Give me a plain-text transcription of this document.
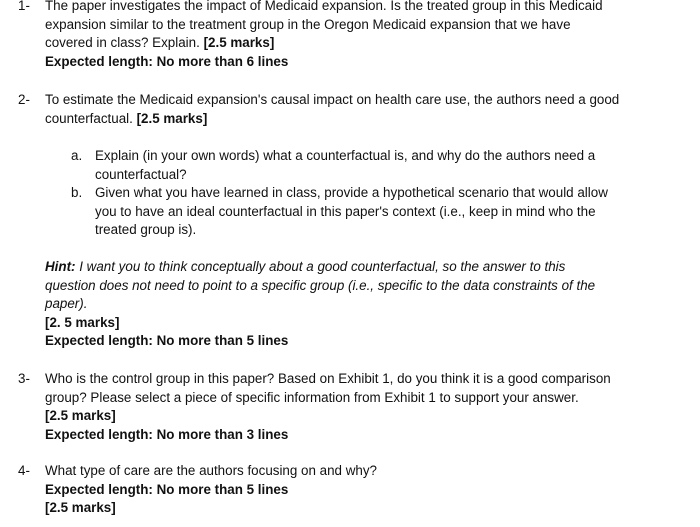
1- The paper investigates the impact of Medicaid expansion. Is the treated group in this Medicaid
expansion similar to the treatment group in the Oregon Medicaid expansion that we have
covered in class? Explain. [2.5 marks]
Expected length: No more than 6 lines
2- To estimate the Medicaid expansion's causal impact on health care use, the authors need a good
counterfactual. [2.5 marks]
a. Explain (in your own words) what a counterfactual is, and why do the authors need a
counterfactual?
b. Given what you have learned in class, provide a hypothetical scenario that would allow
you to have an ideal counterfactual in this paper's context (i.e., keep in mind who the
treated group is).
Hint: I want you to think conceptually about a good counterfactual, so the answer to this
question does not need to point to a specific group (i.e., specific to the data constraints of the
paper).
[2. 5 marks]
Expected length: No more than 5 lines
3- Who is the control group in this paper? Based on Exhibit 1, do you think it is a good comparison
group? Please select a piece of specific information from Exhibit 1 to support your answer.
[2.5 marks]
Expected length: No more than 3 lines
4- What type of care are the authors focusing on and why?
Expected length: No more than 5 lines
[2.5 marks]
